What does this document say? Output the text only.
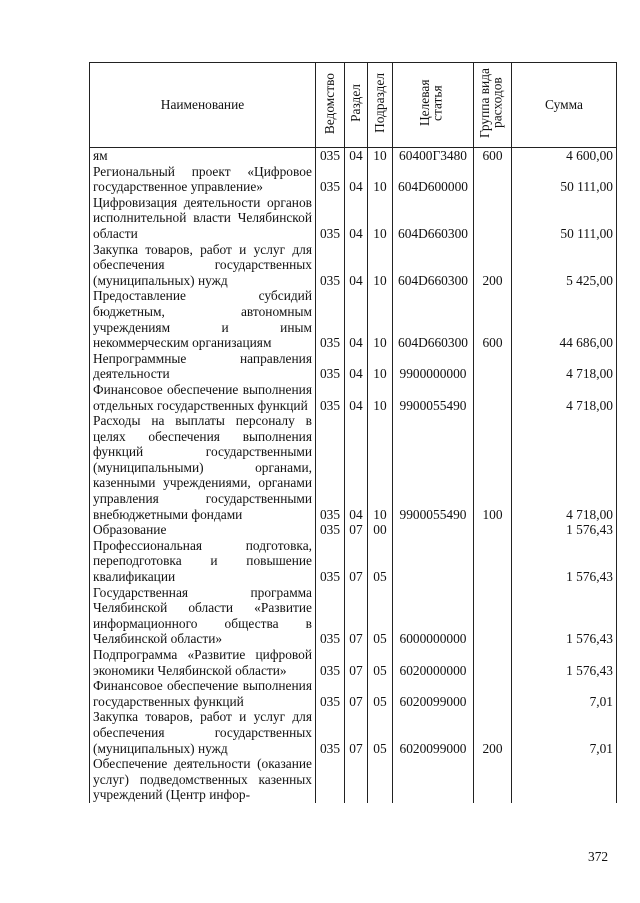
Наименование	Ведомство	Раздел	Подраздел	Целевая статья	Группа вида расходов	Сумма
ям	035	04	10	60400Г3480	600	4 600,00
Региональный проект «Цифровое государственное управление»	035	04	10	604D600000		50 111,00
Цифровизация деятельности органов исполнительной власти Челябинской области	035	04	10	604D660300		50 111,00
Закупка товаров, работ и услуг для обеспечения государственных (муниципальных) нужд	035	04	10	604D660300	200	5 425,00
Предоставление субсидий бюджетным, автономным учреждениям и иным некоммерческим организациям	035	04	10	604D660300	600	44 686,00
Непрограммные направления деятельности	035	04	10	9900000000		4 718,00
Финансовое обеспечение выполнения отдельных государственных функций	035	04	10	9900055490		4 718,00
Расходы на выплаты персоналу в целях обеспечения выполнения функций государственными (муниципальными) органами, казенными учреждениями, органами управления государственными внебюджетными фондами	035	04	10	9900055490	100	4 718,00
Образование	035	07	00			1 576,43
Профессиональная подготовка, переподготовка и повышение квалификации	035	07	05			1 576,43
Государственная программа Челябинской области «Развитие информационного общества в Челябинской области»	035	07	05	6000000000		1 576,43
Подпрограмма «Развитие цифровой экономики Челябинской области»	035	07	05	6020000000		1 576,43
Финансовое обеспечение выполнения государственных функций	035	07	05	6020099000		7,01
Закупка товаров, работ и услуг для обеспечения государственных (муниципальных) нужд	035	07	05	6020099000	200	7,01
Обеспечение деятельности (оказание услуг) подведомственных казенных учреждений (Центр инфор-						
372
